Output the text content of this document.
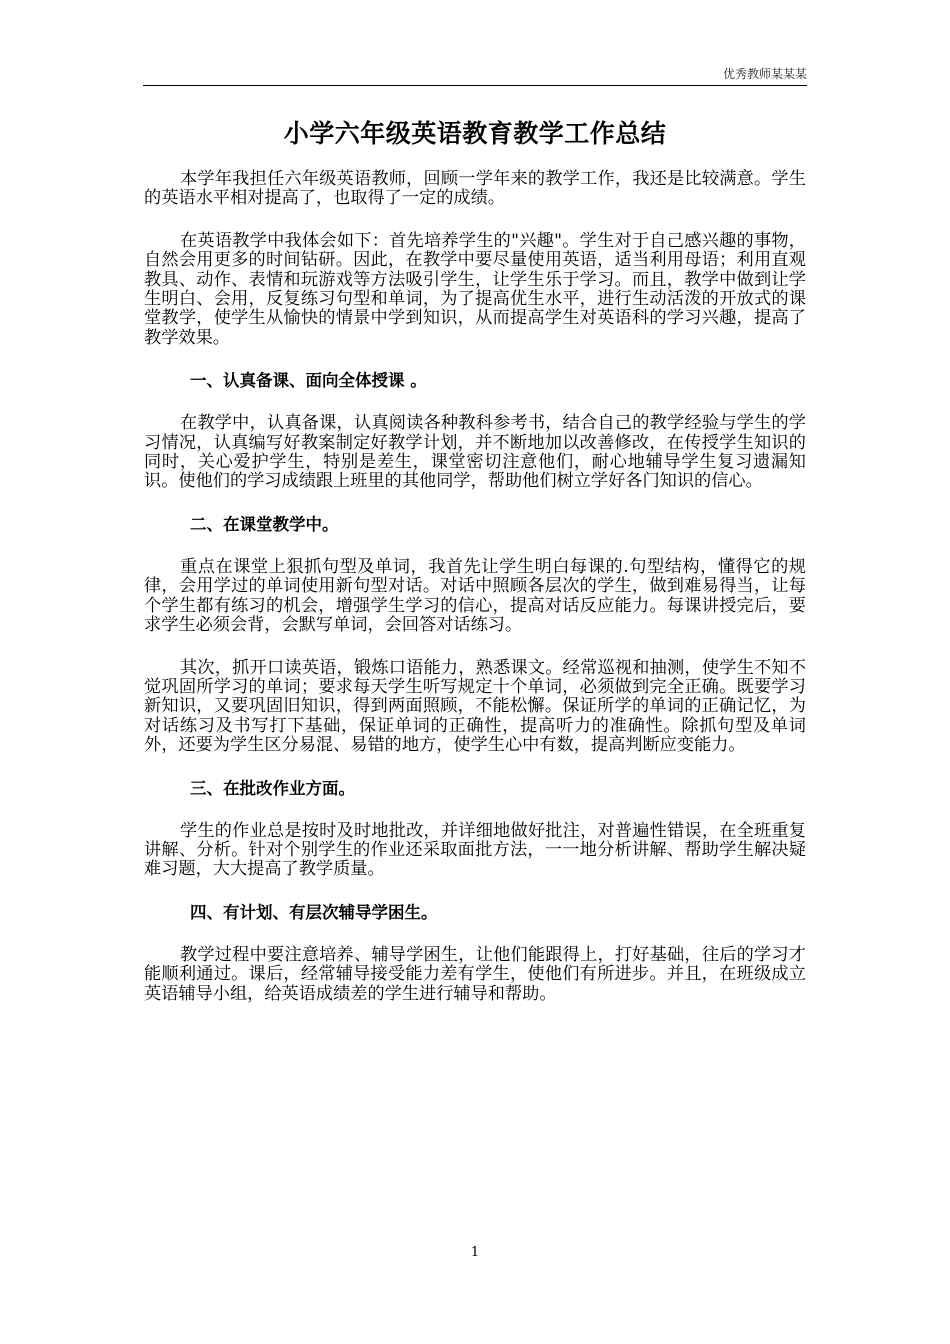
优秀教师某某某
小学六年级英语教育教学工作总结

本学年我担任六年级英语教师，回顾一学年来的教学工作，我还是比较满意。学生的英语水平相对提高了，也取得了一定的成绩。

在英语教学中我体会如下：首先培养学生的"兴趣"。学生对于自己感兴趣的事物，自然会用更多的时间钻研。因此，在教学中要尽量使用英语，适当利用母语；利用直观教具、动作、表情和玩游戏等方法吸引学生，让学生乐于学习。而且，教学中做到让学生明白、会用，反复练习句型和单词，为了提高优生水平，进行生动活泼的开放式的课堂教学，使学生从愉快的情景中学到知识，从而提高学生对英语科的学习兴趣，提高了教学效果。

一、认真备课、面向全体授课 。

在教学中，认真备课，认真阅读各种教科参考书，结合自己的教学经验与学生的学习情况，认真编写好教案制定好教学计划，并不断地加以改善修改，在传授学生知识的同时，关心爱护学生，特别是差生，课堂密切注意他们，耐心地辅导学生复习遗漏知识。使他们的学习成绩跟上班里的其他同学，帮助他们树立学好各门知识的信心。

二、在课堂教学中。

重点在课堂上狠抓句型及单词，我首先让学生明白每课的.句型结构，懂得它的规律，会用学过的单词使用新句型对话。对话中照顾各层次的学生，做到难易得当，让每个学生都有练习的机会，增强学生学习的信心，提高对话反应能力。每课讲授完后，要求学生必须会背，会默写单词，会回答对话练习。

其次，抓开口读英语，锻炼口语能力，熟悉课文。经常巡视和抽测，使学生不知不觉巩固所学习的单词；要求每天学生听写规定十个单词，必须做到完全正确。既要学习新知识，又要巩固旧知识，得到两面照顾，不能松懈。保证所学的单词的正确记忆，为对话练习及书写打下基础，保证单词的正确性，提高听力的准确性。除抓句型及单词外，还要为学生区分易混、易错的地方，使学生心中有数，提高判断应变能力。

三、在批改作业方面。

学生的作业总是按时及时地批改，并详细地做好批注，对普遍性错误，在全班重复讲解、分析。针对个别学生的作业还采取面批方法，一一地分析讲解、帮助学生解决疑难习题，大大提高了教学质量。

四、有计划、有层次辅导学困生。

教学过程中要注意培养、辅导学困生，让他们能跟得上，打好基础，往后的学习才能顺利通过。课后，经常辅导接受能力差有学生，使他们有所进步。并且，在班级成立英语辅导小组，给英语成绩差的学生进行辅导和帮助。

1
